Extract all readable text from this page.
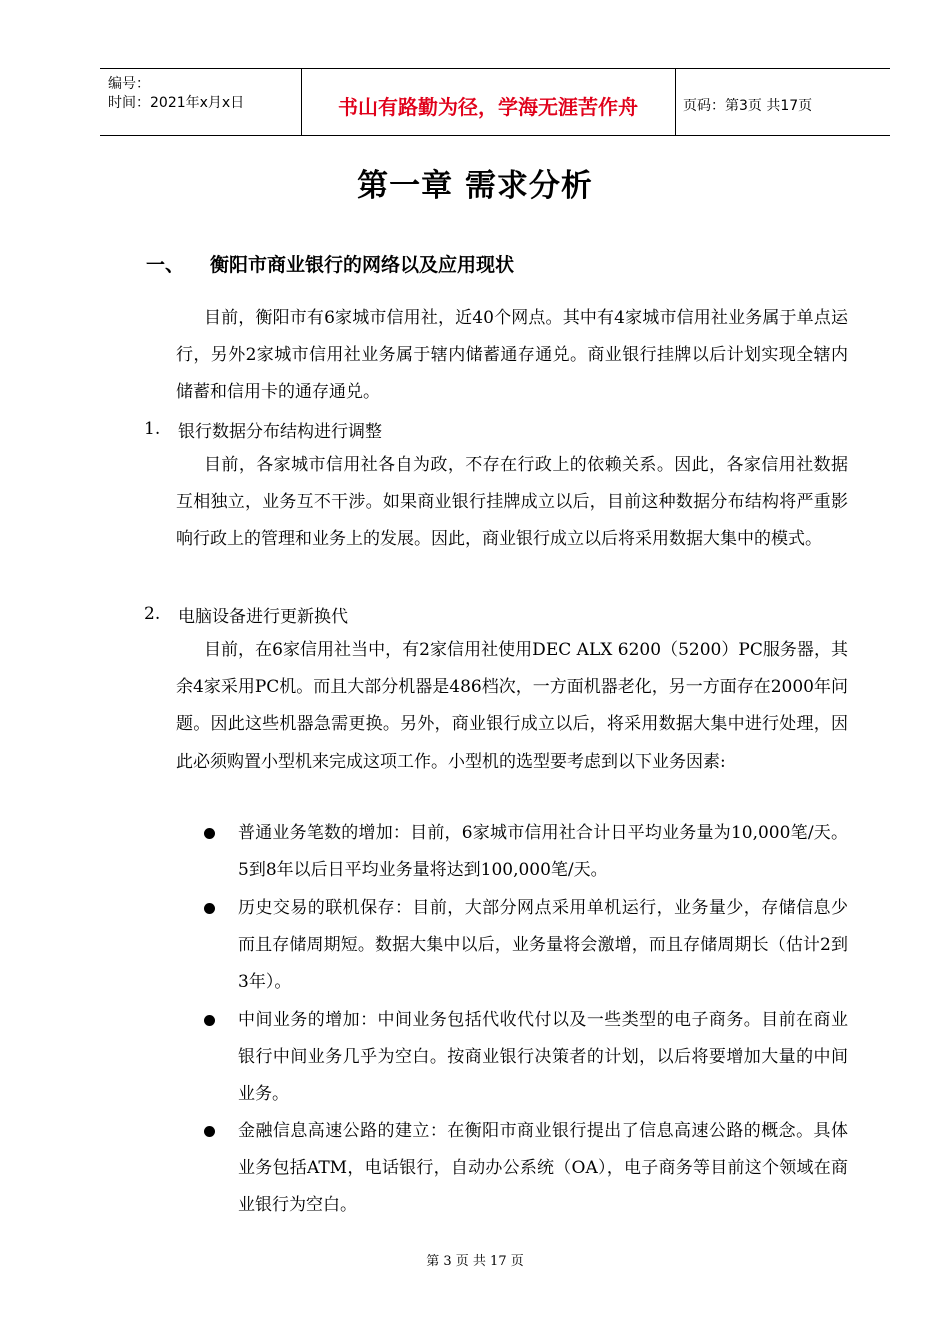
编号：
时间：2021年x月x日	书山有路勤为径，学海无涯苦作舟	页码：第3页 共17页
第一章 需求分析
一、 衡阳市商业银行的网络以及应用现状

目前，衡阳市有6家城市信用社，近40个网点。其中有4家城市信用社业务属于单点运行，另外2家城市信用社业务属于辖内储蓄通存通兑。商业银行挂牌以后计划实现全辖内储蓄和信用卡的通存通兑。

1. 银行数据分布结构进行调整

目前，各家城市信用社各自为政，不存在行政上的依赖关系。因此，各家信用社数据互相独立，业务互不干涉。如果商业银行挂牌成立以后，目前这种数据分布结构将严重影响行政上的管理和业务上的发展。因此，商业银行成立以后将采用数据大集中的模式。

2. 电脑设备进行更新换代

目前，在6家信用社当中，有2家信用社使用DEC ALX 6200（5200）PC服务器，其余4家采用PC机。而且大部分机器是486档次，一方面机器老化，另一方面存在2000年问题。因此这些机器急需更换。另外，商业银行成立以后，将采用数据大集中进行处理，因此必须购置小型机来完成这项工作。小型机的选型要考虑到以下业务因素:

普通业务笔数的增加：目前，6家城市信用社合计日平均业务量为10,000笔/天。5到8年以后日平均业务量将达到100,000笔/天。

历史交易的联机保存：目前，大部分网点采用单机运行，业务量少，存储信息少而且存储周期短。数据大集中以后，业务量将会激增，而且存储周期长（估计2到3年）。

中间业务的增加：中间业务包括代收代付以及一些类型的电子商务。目前在商业银行中间业务几乎为空白。按商业银行决策者的计划，以后将要增加大量的中间业务。

金融信息高速公路的建立：在衡阳市商业银行提出了信息高速公路的概念。具体业务包括ATM，电话银行，自动办公系统（OA），电子商务等目前这个领域在商业银行为空白。

第 3 页 共 17 页
